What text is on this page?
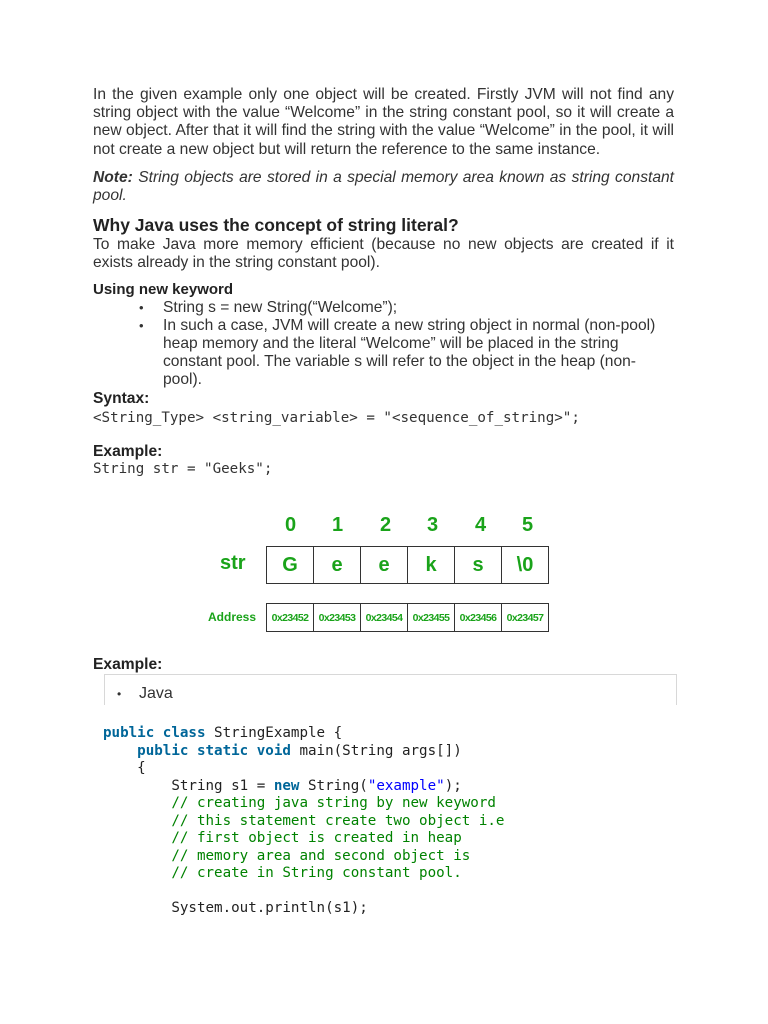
In the given example only one object will be created. Firstly JVM will not find any string object with the value “Welcome” in the string constant pool, so it will create a new object. After that it will find the string with the value “Welcome” in the pool, it will not create a new object but will return the reference to the same instance.

Note: String objects are stored in a special memory area known as string constant pool.

Why Java uses the concept of string literal?

To make Java more memory efficient (because no new objects are created if it exists already in the string constant pool).

Using new keyword
• String s = new String(“Welcome”);
• In such a case, JVM will create a new string object in normal (non-pool) heap memory and the literal “Welcome” will be placed in the string constant pool. The variable s will refer to the object in the heap (non-pool).
Syntax:
<String_Type> <string_variable> = "<sequence_of_string>";
Example:
String str = "Geeks";
0	1	2	3	4	5
str	G	e	e	k	s	\0
Address	0x23452 0x23453 0x23454 0x23455 0x23456 0x23457
Example:
• Java
public class StringExample {
public static void main(String args[])
{
String s1 = new String("example");
// creating java string by new keyword
// this statement create two object i.e
// first object is created in heap
// memory area and second object is
// create in String constant pool.

System.out.println(s1);
